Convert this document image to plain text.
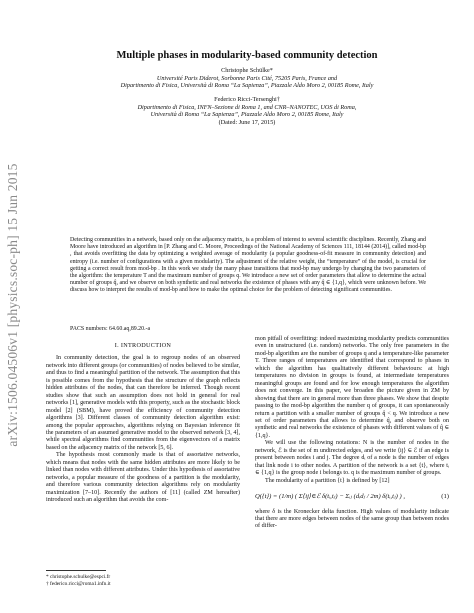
arXiv:1506.04506v1 [physics.soc-ph] 15 Jun 2015
Multiple phases in modularity-based community detection
Christophe Schülke*
Université Paris Diderot, Sorbonne Paris Cité, 75205 Paris, France and
Dipartimento di Fisica, Università di Roma “La Sapienza”, Piazzale Aldo Moro 2, 00185 Rome, Italy
Federico Ricci-Tersenghi†
Dipartimento di Fisica, INFN–Sezione di Roma 1, and CNR–NANOTEC, UOS di Roma,
Università di Roma “La Sapienza”, Piazzale Aldo Moro 2, 00185 Rome, Italy
(Dated: June 17, 2015)
Detecting communities in a network, based only on the adjacency matrix, is a problem of interest to several scientific disciplines. Recently, Zhang and Moore have introduced an algorithm in [P. Zhang and C. Moore, Proceedings of the National Academy of Sciences 111, 18144 (2014)], called mod-bp , that avoids overfitting the data by optimizing a weighted average of modularity (a popular goodness-of-fit measure in community detection) and entropy (i.e. number of configurations with a given modularity). The adjustment of the relative weight, the “temperature” of the model, is crucial for getting a correct result from mod-bp . In this work we study the many phase transitions that mod-bp may undergo by changing the two parameters of the algorithm: the temperature T and the maximum number of groups q. We introduce a new set of order parameters that allow to determine the actual number of groups q̂, and we observe on both synthetic and real networks the existence of phases with any q̂ ∈ {1,q}, which were unknown before. We discuss how to interpret the results of mod-bp and how to make the optimal choice for the problem of detecting significant communities.
PACS numbers: 64.60.aq,89.20.-a
I. INTRODUCTION

In community detection, the goal is to regroup nodes of an observed network into different groups (or communities) of nodes believed to be similar, and thus to find a meaningful partition of the network. The assumption that this is possible comes from the hypothesis that the structure of the graph reflects hidden attributes of the nodes, that can therefore be inferred. Though recent studies show that such an assumption does not hold in general for real networks [1], generative models with this property, such as the stochastic block model [2] (SBM), have proved the efficiency of community detection algorithms [3]. Different classes of community detection algorithm exist: among the popular approaches, algorithms relying on Bayesian inference fit the parameters of an assumed generative model to the observed network [3, 4], while spectral algorithms find communities from the eigenvectors of a matrix based on the adjacency matrix of the network [5, 6].

The hypothesis most commonly made is that of assortative networks, which means that nodes with the same hidden attributes are more likely to be linked than nodes with different attributes. Under this hypothesis of assortative networks, a popular measure of the goodness of a partition is the modularity, and therefore various community detection algorithms rely on modularity maximization [7–10]. Recently the authors of [11] (called ZM hereafter) introduced such an algorithm that avoids the com-

mon pitfall of overfitting: indeed maximizing modularity predicts communities even in unstructured (i.e. random) networks. The only free parameters in the mod-bp algorithm are the number of groups q and a temperature-like parameter T. Three ranges of temperatures are identified that correspond to phases in which the algorithm has qualitatively different behaviours: at high temperatures no division in groups is found, at intermediate temperatures meaningful groups are found and for low enough temperatures the algorithm does not converge. In this paper, we broaden the picture given in ZM by showing that there are in general more than three phases. We show that despite passing to the mod-bp algorithm the number q of groups, it can spontaneously return a partition with a smaller number of groups q̂ < q. We introduce a new set of order parameters that allows to determine q̂, and observe both on synthetic and real networks the existence of phases with different values of q̂ ∈ {1,q}.

We will use the following notations: N is the number of nodes in the network, ℰ is the set of m undirected edges, and we write ⟨ij⟩ ∈ ℰ if an edge is present between nodes i and j. The degree dᵢ of a node is the number of edges that link node i to other nodes. A partition of the network is a set {t}, where tᵢ ∈ {1,q} is the group node i belongs to. q is the maximum number of groups.

The modularity of a partition {t} is defined by [12]

Q({t}) = (1/m) ( Σ⟨ij⟩∈ℰ δ(tᵢ,tⱼ) − Σᵢⱼ (dᵢdⱼ / 2m) δ(tᵢ,tⱼ) ) ,	(1)

where δ is the Kronecker delta function. High values of modularity indicate that there are more edges between nodes of the same group than between nodes of differ-

* christophe.schulke@espci.fr
† federico.ricci@roma1.infn.it
